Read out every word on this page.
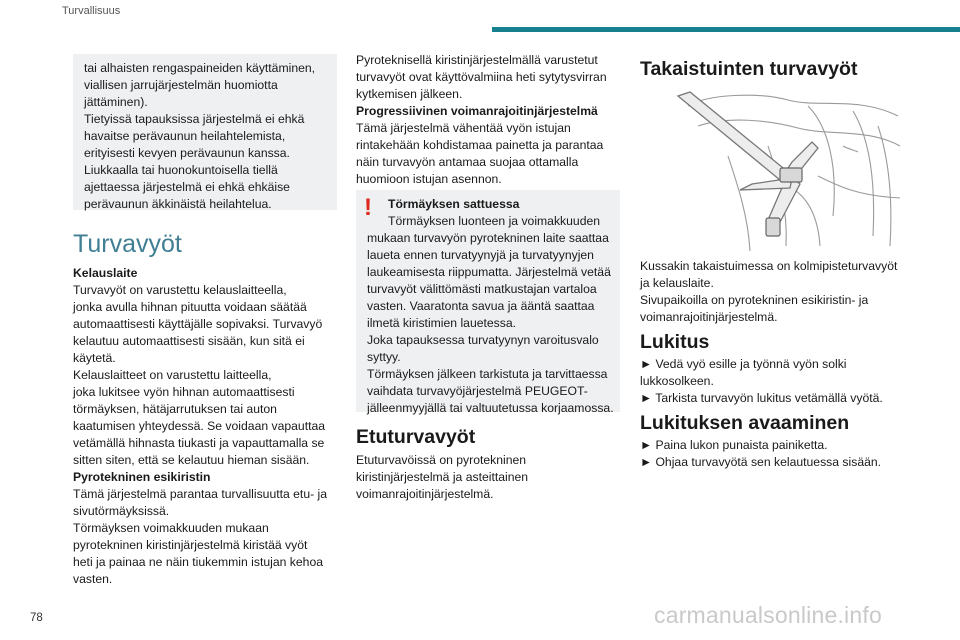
Turvallisuus

tai alhaisten rengaspaineiden käyttäminen,

viallisen jarrujärjestelmän huomiotta

jättäminen).

Tietyissä tapauksissa järjestelmä ei ehkä

havaitse perävaunun heilahtelemista,

erityisesti kevyen perävaunun kanssa.

Liukkaalla tai huonokuntoisella tiellä

ajettaessa järjestelmä ei ehkä ehkäise

perävaunun äkkinäistä heilahtelua.

Turvavyöt

Kelauslaite

Turvavyöt on varustettu kelauslaitteella,

jonka avulla hihnan pituutta voidaan säätää

automaattisesti käyttäjälle sopivaksi. Turvavyö

kelautuu automaattisesti sisään, kun sitä ei

käytetä.

Kelauslaitteet on varustettu laitteella,

joka lukitsee vyön hihnan automaattisesti

törmäyksen, hätäjarrutuksen tai auton

kaatumisen yhteydessä. Se voidaan vapauttaa

vetämällä hihnasta tiukasti ja vapauttamalla se

sitten siten, että se kelautuu hieman sisään.

Pyrotekninen esikiristin

Tämä järjestelmä parantaa turvallisuutta etu- ja

sivutörmäyksissä.

Törmäyksen voimakkuuden mukaan

pyrotekninen kiristinjärjestelmä kiristää vyöt

heti ja painaa ne näin tiukemmin istujan kehoa

vasten.

Pyroteknisellä kiristinjärjestelmällä varustetut

turvavyöt ovat käyttövalmiina heti sytytysvirran

kytkemisen jälkeen.

Progressiivinen voimanrajoitinjärjestelmä

Tämä järjestelmä vähentää vyön istujan

rintakehään kohdistamaa painetta ja parantaa

näin turvavyön antamaa suojaa ottamalla

huomioon istujan asennon.

!	Törmäyksen sattuessa

Törmäyksen luonteen ja voimakkuuden

mukaan turvavyön pyrotekninen laite saattaa

laueta ennen turvatyynyjä ja turvatyynyjen

laukeamisesta riippumatta. Järjestelmä vetää

turvavyöt välittömästi matkustajan vartaloa

vasten. Vaaratonta savua ja ääntä saattaa

ilmetä kiristimien lauetessa.

Joka tapauksessa turvatyynyn varoitusvalo

syttyy.

Törmäyksen jälkeen tarkistuta ja tarvittaessa

vaihdata turvavyöjärjestelmä PEUGEOT-

jälleenmyyjällä tai valtuutetussa korjaamossa.

Etuturvavyöt

Etuturvavöissä on pyrotekninen

kiristinjärjestelmä ja asteittainen

voimanrajoitinjärjestelmä.

Takaistuinten turvavyöt

Kussakin takaistuimessa on kolmipisteturvavyöt

ja kelauslaite.

Sivupaikoilla on pyrotekninen esikiristin- ja

voimanrajoitinjärjestelmä.

Lukitus

► Vedä vyö esille ja työnnä vyön solki

lukkosolkeen.

► Tarkista turvavyön lukitus vetämällä vyötä.

Lukituksen avaaminen

► Paina lukon punaista painiketta.

► Ohjaa turvavyötä sen kelautuessa sisään.

78	carmanualsonline.info
